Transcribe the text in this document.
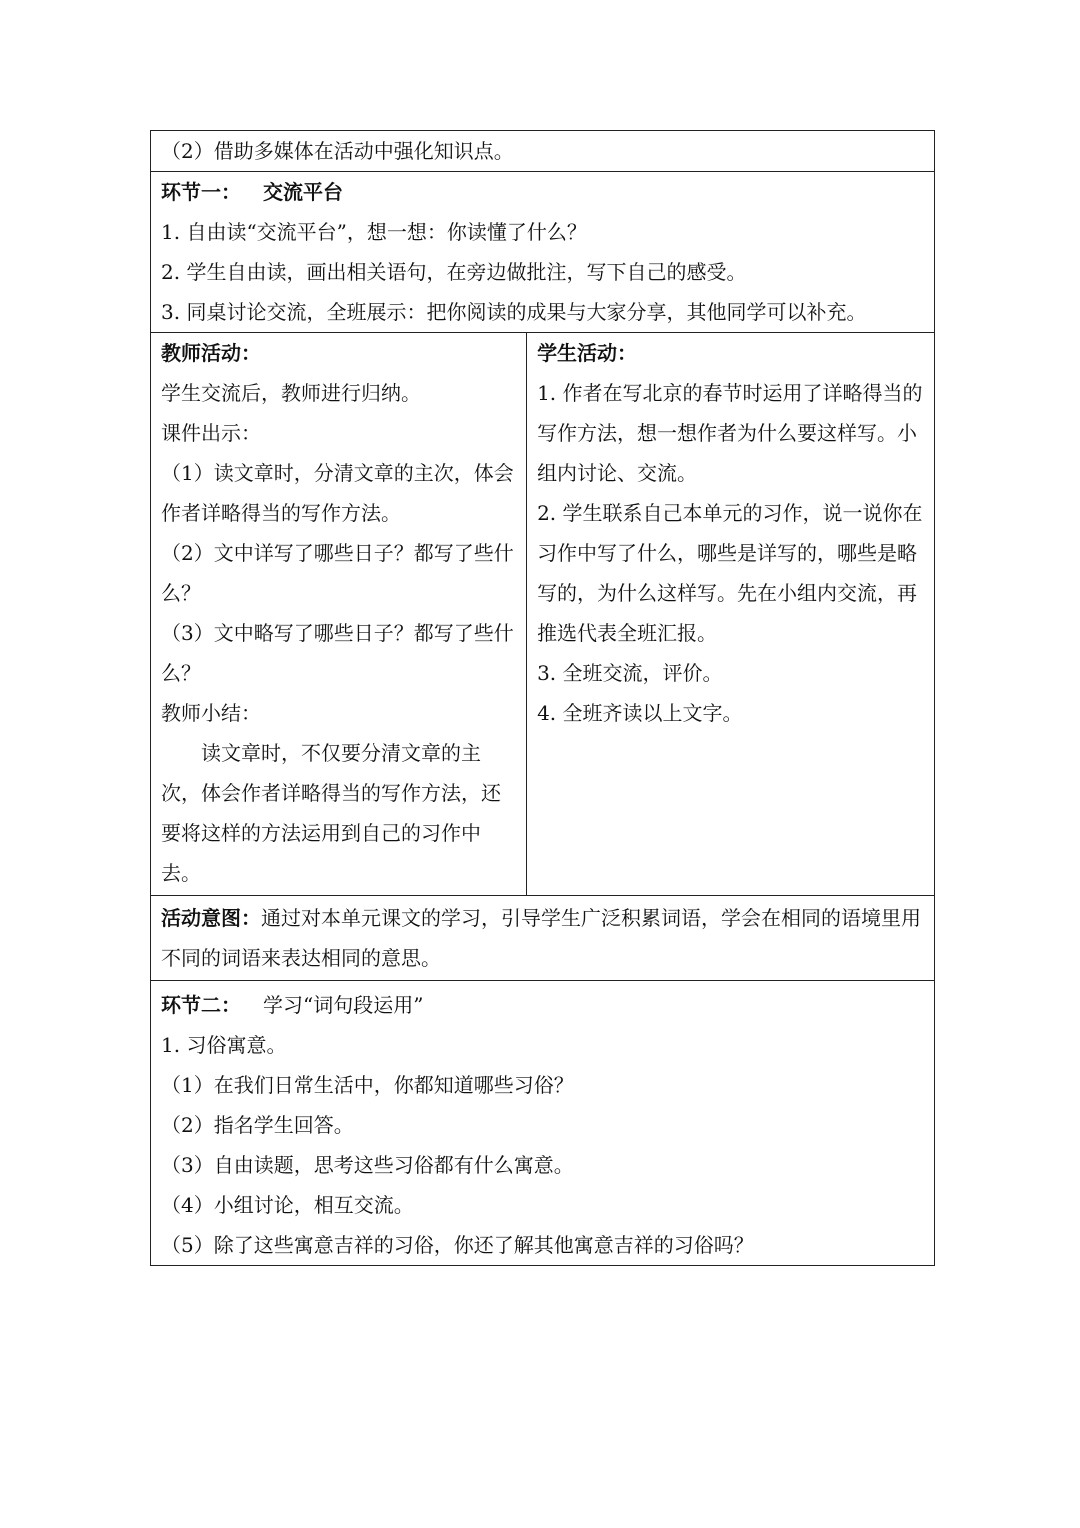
（2）借助多媒体在活动中强化知识点。

环节一： 交流平台
1. 自由读“交流平台”，想一想：你读懂了什么？
2. 学生自由读，画出相关语句，在旁边做批注，写下自己的感受。
3. 同桌讨论交流，全班展示：把你阅读的成果与大家分享，其他同学可以补充。

教师活动：
学生交流后，教师进行归纳。
课件出示：
（1）读文章时，分清文章的主次，体会作者详略得当的写作方法。
（2）文中详写了哪些日子？都写了些什么？
（3）文中略写了哪些日子？都写了些什么？
教师小结：
读文章时，不仅要分清文章的主次，体会作者详略得当的写作方法，还要将这样的方法运用到自己的习作中去。

学生活动：
1. 作者在写北京的春节时运用了详略得当的写作方法，想一想作者为什么要这样写。小组内讨论、交流。
2. 学生联系自己本单元的习作，说一说你在习作中写了什么，哪些是详写的，哪些是略写的，为什么这样写。先在小组内交流，再推选代表全班汇报。
3. 全班交流，评价。
4. 全班齐读以上文字。

活动意图：通过对本单元课文的学习，引导学生广泛积累词语，学会在相同的语境里用不同的词语来表达相同的意思。

环节二： 学习“词句段运用”
1. 习俗寓意。
（1）在我们日常生活中，你都知道哪些习俗？
（2）指名学生回答。
（3）自由读题，思考这些习俗都有什么寓意。
（4）小组讨论，相互交流。
（5）除了这些寓意吉祥的习俗，你还了解其他寓意吉祥的习俗吗？
